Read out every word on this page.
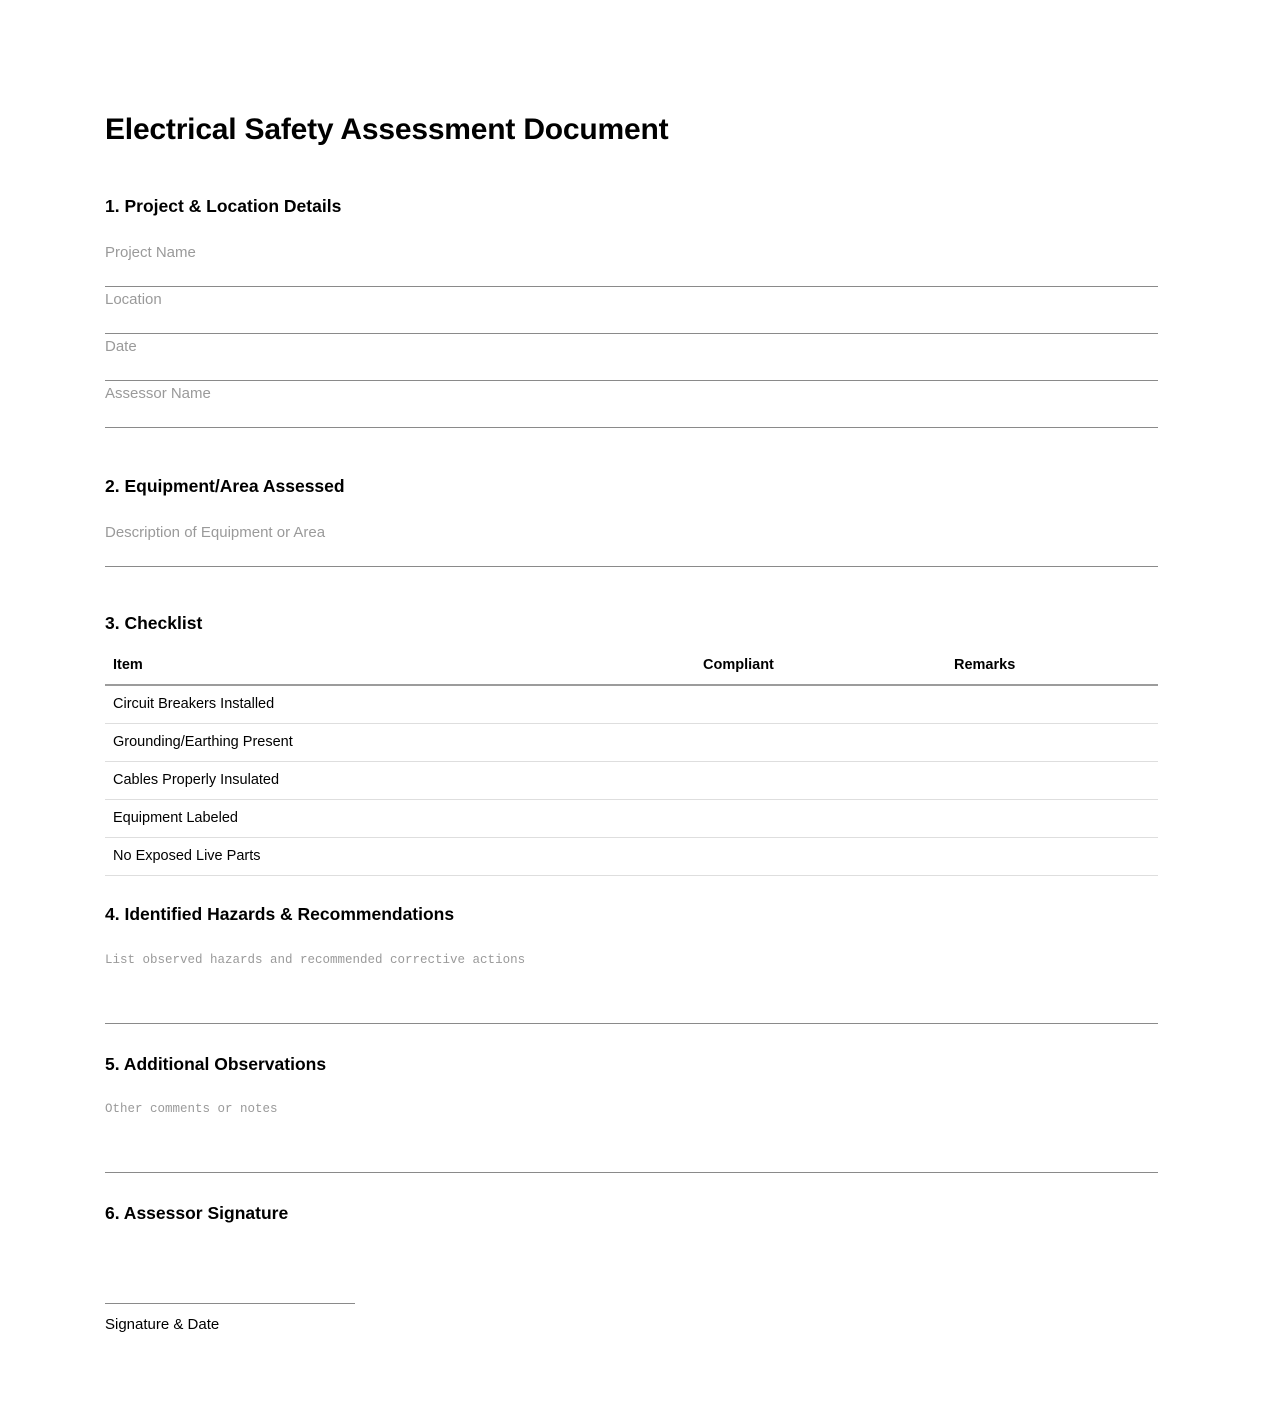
Electrical Safety Assessment Document
1. Project & Location Details
Project Name
Location
Date
Assessor Name
2. Equipment/Area Assessed
Description of Equipment or Area
3. Checklist
Item	Compliant	Remarks
Circuit Breakers Installed		
Grounding/Earthing Present		
Cables Properly Insulated		
Equipment Labeled		
No Exposed Live Parts		
4. Identified Hazards & Recommendations
List observed hazards and recommended corrective actions
5. Additional Observations
Other comments or notes
6. Assessor Signature
Signature & Date
